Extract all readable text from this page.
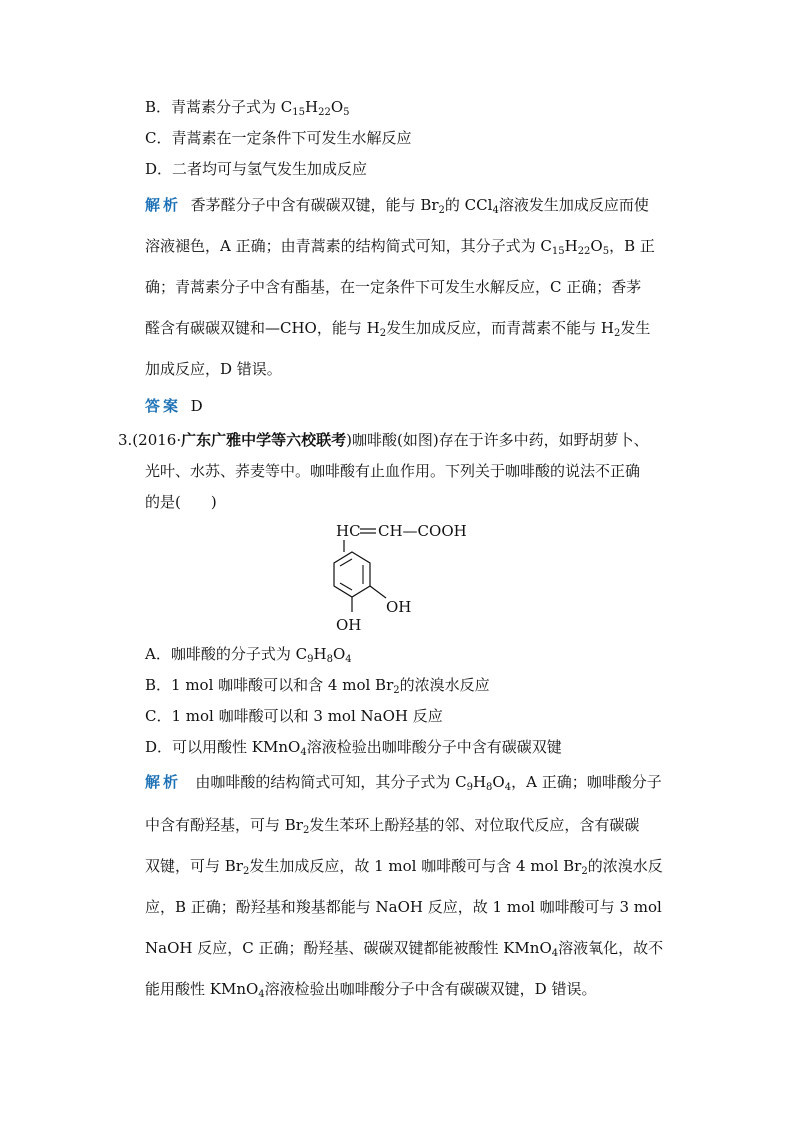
B．青蒿素分子式为 $C_{15}H_{22}O_5$
C．青蒿素在一定条件下可发生水解反应
D．二者均可与氢气发生加成反应
解析 香茅醛分子中含有碳碳双键，能与 $Br_2$的 CCl$_4$溶液发生加成反应而使
溶液褪色，A 正确；由青蒿素的结构简式可知，其分子式为 $C_{15}H_{22}O_5$，B 正
确；青蒿素分子中含有酯基，在一定条件下可发生水解反应，C 正确；香茅
醛含有碳碳双键和—CHO，能与 $H_2$发生加成反应，而青蒿素不能与 $H_2$发生
加成反应，D 错误。
答案 D
3.(2016·广东广雅中学等六校联考)咖啡酸(如图)存在于许多中药，如野胡萝卜、
光叶、水苏、荞麦等中。咖啡酸有止血作用。下列关于咖啡酸的说法不正确
的是(　　)
HC CH—COOH
OH
OH
A．咖啡酸的分子式为 $C_9H_8O_4$
B．1 mol 咖啡酸可以和含 4 mol $Br_2$的浓溴水反应
C．1 mol 咖啡酸可以和 3 mol NaOH 反应
D．可以用酸性 KMnO$_4$溶液检验出咖啡酸分子中含有碳碳双键
解析 由咖啡酸的结构简式可知，其分子式为 $C_9H_8O_4$，A 正确；咖啡酸分子
中含有酚羟基，可与 $Br_2$发生苯环上酚羟基的邻、对位取代反应，含有碳碳
双键，可与 $Br_2$发生加成反应，故 1 mol 咖啡酸可与含 4 mol $Br_2$的浓溴水反
应，B 正确；酚羟基和羧基都能与 NaOH 反应，故 1 mol 咖啡酸可与 3 mol
NaOH 反应，C 正确；酚羟基、碳碳双键都能被酸性 KMnO$_4$溶液氧化，故不
能用酸性 KMnO$_4$溶液检验出咖啡酸分子中含有碳碳双键，D 错误。
